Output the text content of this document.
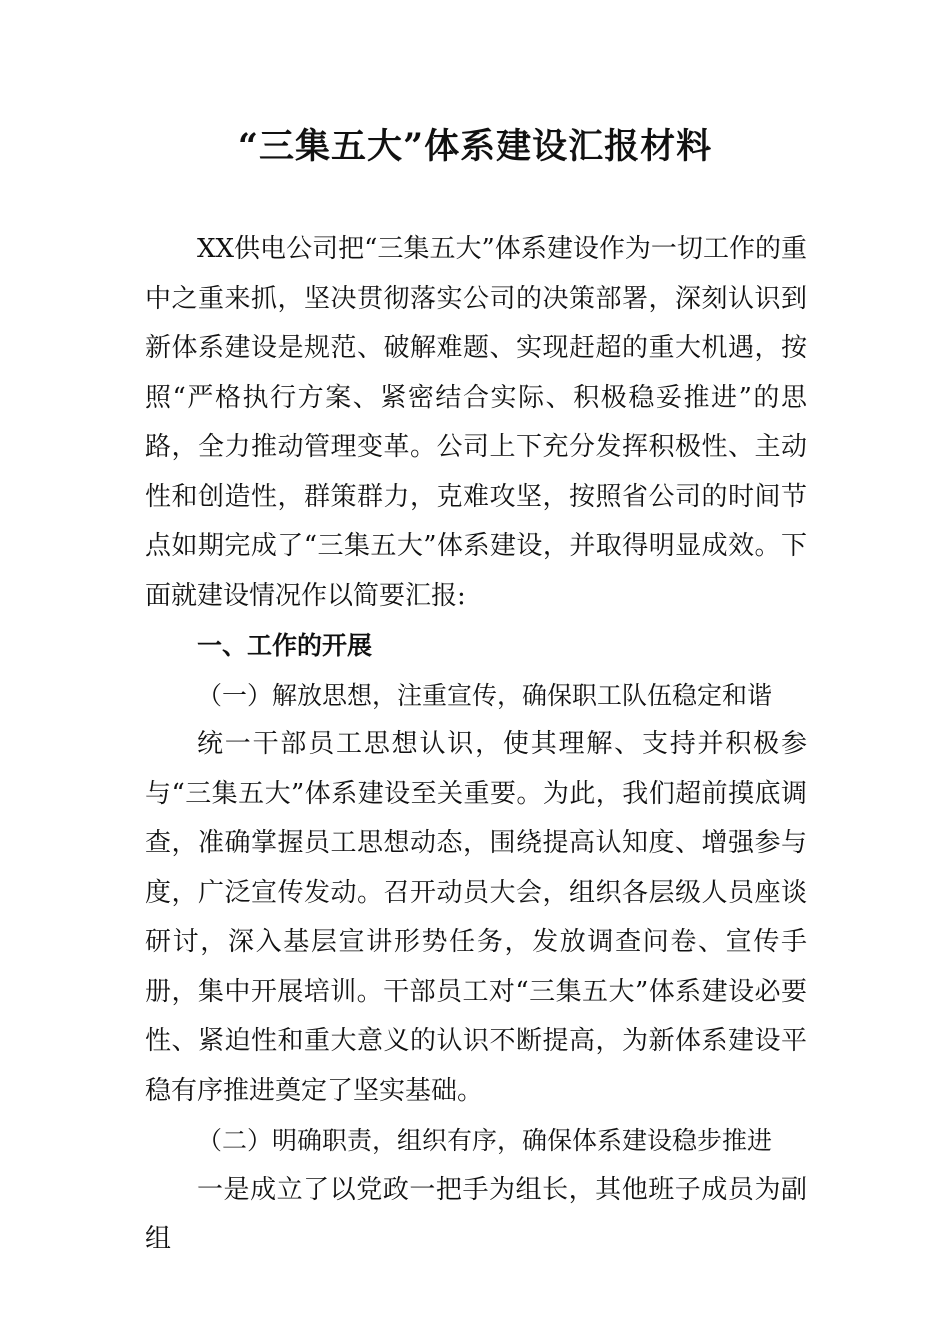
“三集五大”体系建设汇报材料

XX供电公司把“三集五大”体系建设作为一切工作的重中之重来抓，坚决贯彻落实公司的决策部署，深刻认识到新体系建设是规范、破解难题、实现赶超的重大机遇，按照“严格执行方案、紧密结合实际、积极稳妥推进”的思路，全力推动管理变革。公司上下充分发挥积极性、主动性和创造性，群策群力，克难攻坚，按照省公司的时间节点如期完成了“三集五大”体系建设，并取得明显成效。下面就建设情况作以简要汇报:

一、工作的开展

（一）解放思想，注重宣传，确保职工队伍稳定和谐

统一干部员工思想认识，使其理解、支持并积极参与“三集五大”体系建设至关重要。为此，我们超前摸底调查，准确掌握员工思想动态，围绕提高认知度、增强参与度，广泛宣传发动。召开动员大会，组织各层级人员座谈研讨，深入基层宣讲形势任务，发放调查问卷、宣传手册，集中开展培训。干部员工对“三集五大”体系建设必要性、紧迫性和重大意义的认识不断提高，为新体系建设平稳有序推进奠定了坚实基础。

（二）明确职责，组织有序，确保体系建设稳步推进

一是成立了以党政一把手为组长，其他班子成员为副组
